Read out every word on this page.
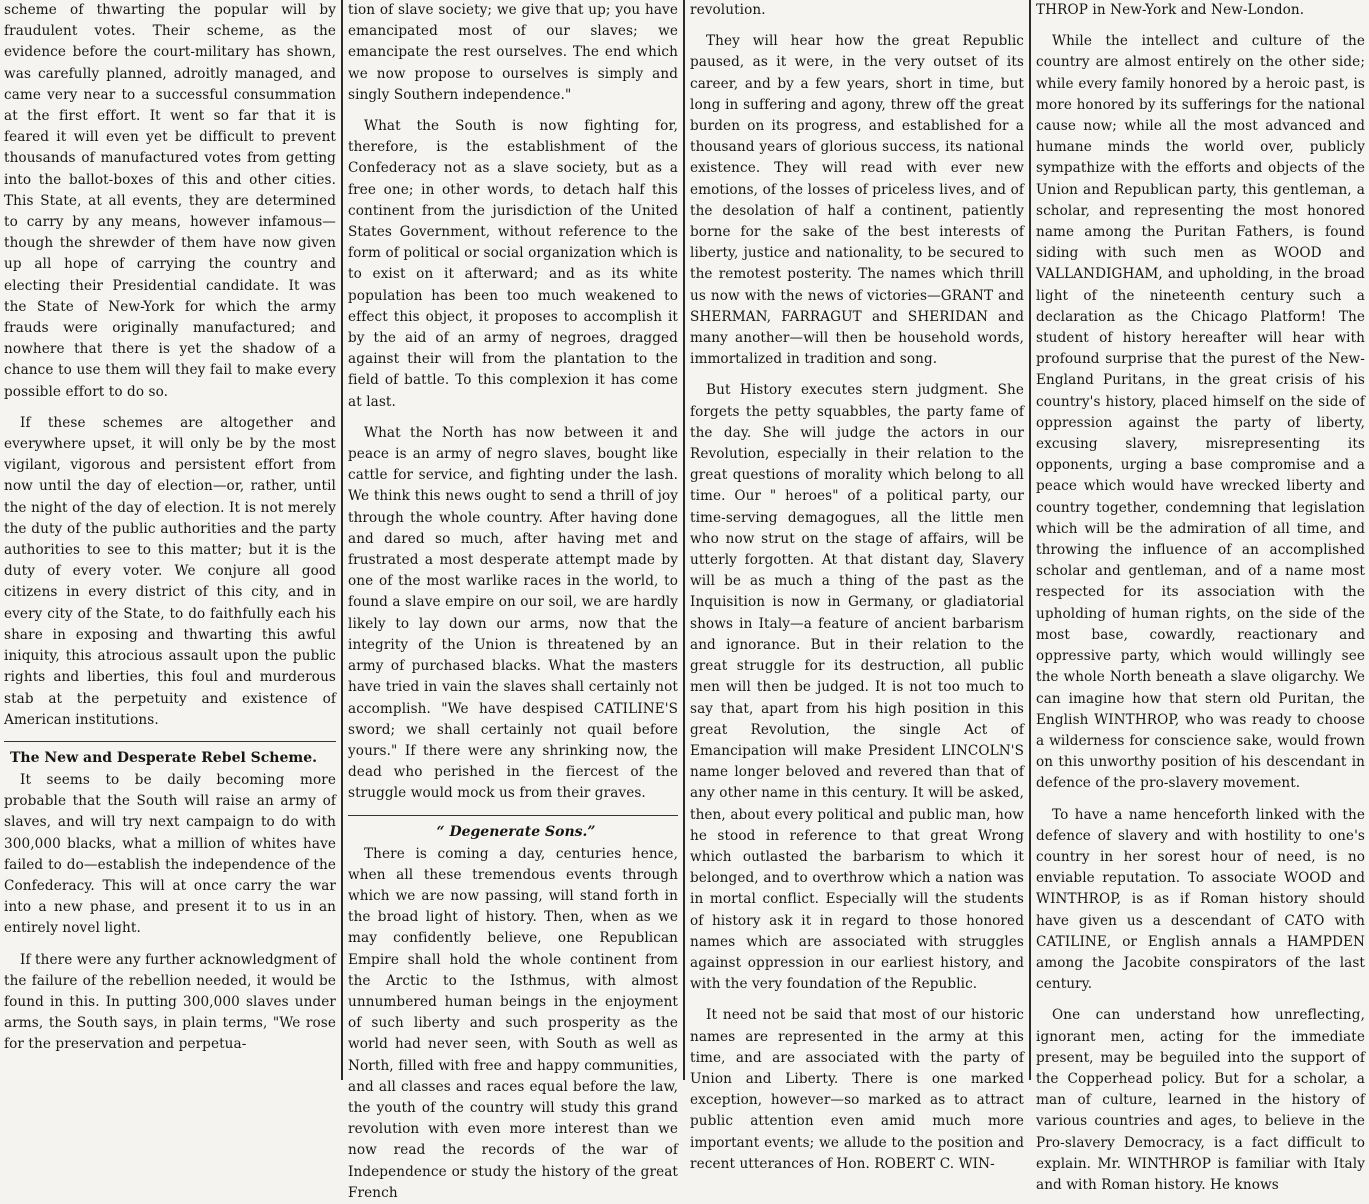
scheme of thwarting the popular will by fraudulent votes. Their scheme, as the evidence before the court-military has shown, was carefully planned, adroitly managed, and came very near to a successful consummation at the first effort. It went so far that it is feared it will even yet be difficult to prevent thousands of manufactured votes from getting into the ballot-boxes of this and other cities. This State, at all events, they are determined to carry by any means, however infamous—though the shrewder of them have now given up all hope of carrying the country and electing their Presidential candidate. It was the State of New-York for which the army frauds were originally manufactured; and nowhere that there is yet the shadow of a chance to use them will they fail to make every possible effort to do so.

If these schemes are altogether and everywhere upset, it will only be by the most vigilant, vigorous and persistent effort from now until the day of election—or, rather, until the night of the day of election. It is not merely the duty of the public authorities and the party authorities to see to this matter; but it is the duty of every voter. We conjure all good citizens in every district of this city, and in every city of the State, to do faithfully each his share in exposing and thwarting this awful iniquity, this atrocious assault upon the public rights and liberties, this foul and murderous stab at the perpetuity and existence of American institutions.

The New and Desperate Rebel Scheme.

It seems to be daily becoming more probable that the South will raise an army of slaves, and will try next campaign to do with 300,000 blacks, what a million of whites have failed to do—establish the independence of the Confederacy. This will at once carry the war into a new phase, and present it to us in an entirely novel light.

If there were any further acknowledgment of the failure of the rebellion needed, it would be found in this. In putting 300,000 slaves under arms, the South says, in plain terms, "We rose for the preservation and perpetua-

tion of slave society; we give that up; you have emancipated most of our slaves; we emancipate the rest ourselves. The end which we now propose to ourselves is simply and singly Southern independence."

What the South is now fighting for, therefore, is the establishment of the Confederacy not as a slave society, but as a free one; in other words, to detach half this continent from the jurisdiction of the United States Government, without reference to the form of political or social organization which is to exist on it afterward; and as its white population has been too much weakened to effect this object, it proposes to accomplish it by the aid of an army of negroes, dragged against their will from the plantation to the field of battle. To this complexion it has come at last.

What the North has now between it and peace is an army of negro slaves, bought like cattle for service, and fighting under the lash. We think this news ought to send a thrill of joy through the whole country. After having done and dared so much, after having met and frustrated a most desperate attempt made by one of the most warlike races in the world, to found a slave empire on our soil, we are hardly likely to lay down our arms, now that the integrity of the Union is threatened by an army of purchased blacks. What the masters have tried in vain the slaves shall certainly not accomplish. "We have despised CATILINE'S sword; we shall certainly not quail before yours." If there were any shrinking now, the dead who perished in the fiercest of the struggle would mock us from their graves.

“ Degenerate Sons.”

There is coming a day, centuries hence, when all these tremendous events through which we are now passing, will stand forth in the broad light of history. Then, when as we may confidently believe, one Republican Empire shall hold the whole continent from the Arctic to the Isthmus, with almost unnumbered human beings in the enjoyment of such liberty and such prosperity as the world had never seen, with South as well as North, filled with free and happy communities, and all classes and races equal before the law, the youth of the country will study this grand revolution with even more interest than we now read the records of the war of Independence or study the history of the great French

revolution.

They will hear how the great Republic paused, as it were, in the very outset of its career, and by a few years, short in time, but long in suffering and agony, threw off the great burden on its progress, and established for a thousand years of glorious success, its national existence. They will read with ever new emotions, of the losses of priceless lives, and of the desolation of half a continent, patiently borne for the sake of the best interests of liberty, justice and nationality, to be secured to the remotest posterity. The names which thrill us now with the news of victories—GRANT and SHERMAN, FARRAGUT and SHERIDAN and many another—will then be household words, immortalized in tradition and song.

But History executes stern judgment. She forgets the petty squabbles, the party fame of the day. She will judge the actors in our Revolution, especially in their relation to the great questions of morality which belong to all time. Our " heroes" of a political party, our time-serving demagogues, all the little men who now strut on the stage of affairs, will be utterly forgotten. At that distant day, Slavery will be as much a thing of the past as the Inquisition is now in Germany, or gladiatorial shows in Italy—a feature of ancient barbarism and ignorance. But in their relation to the great struggle for its destruction, all public men will then be judged. It is not too much to say that, apart from his high position in this great Revolution, the single Act of Emancipation will make President LINCOLN'S name longer beloved and revered than that of any other name in this century. It will be asked, then, about every political and public man, how he stood in reference to that great Wrong which outlasted the barbarism to which it belonged, and to overthrow which a nation was in mortal conflict. Especially will the students of history ask it in regard to those honored names which are associated with struggles against oppression in our earliest history, and with the very foundation of the Republic.

It need not be said that most of our historic names are represented in the army at this time, and are associated with the party of Union and Liberty. There is one marked exception, however—so marked as to attract public attention even amid much more important events; we allude to the position and recent utterances of Hon. ROBERT C. WIN-

THROP in New-York and New-London.

While the intellect and culture of the country are almost entirely on the other side; while every family honored by a heroic past, is more honored by its sufferings for the national cause now; while all the most advanced and humane minds the world over, publicly sympathize with the efforts and objects of the Union and Republican party, this gentleman, a scholar, and representing the most honored name among the Puritan Fathers, is found siding with such men as WOOD and VALLANDIGHAM, and upholding, in the broad light of the nineteenth century such a declaration as the Chicago Platform! The student of history hereafter will hear with profound surprise that the purest of the New-England Puritans, in the great crisis of his country's history, placed himself on the side of oppression against the party of liberty, excusing slavery, misrepresenting its opponents, urging a base compromise and a peace which would have wrecked liberty and country together, condemning that legislation which will be the admiration of all time, and throwing the influence of an accomplished scholar and gentleman, and of a name most respected for its association with the upholding of human rights, on the side of the most base, cowardly, reactionary and oppressive party, which would willingly see the whole North beneath a slave oligarchy. We can imagine how that stern old Puritan, the English WINTHROP, who was ready to choose a wilderness for conscience sake, would frown on this unworthy position of his descendant in defence of the pro-slavery movement.

To have a name henceforth linked with the defence of slavery and with hostility to one's country in her sorest hour of need, is no enviable reputation. To associate WOOD and WINTHROP, is as if Roman history should have given us a descendant of CATO with CATILINE, or English annals a HAMPDEN among the Jacobite conspirators of the last century.

One can understand how unreflecting, ignorant men, acting for the immediate present, may be beguiled into the support of the Copperhead policy. But for a scholar, a man of culture, learned in the history of various countries and ages, to believe in the Pro-slavery Democracy, is a fact difficult to explain. Mr. WINTHROP is familiar with Italy and with Roman history. He knows
